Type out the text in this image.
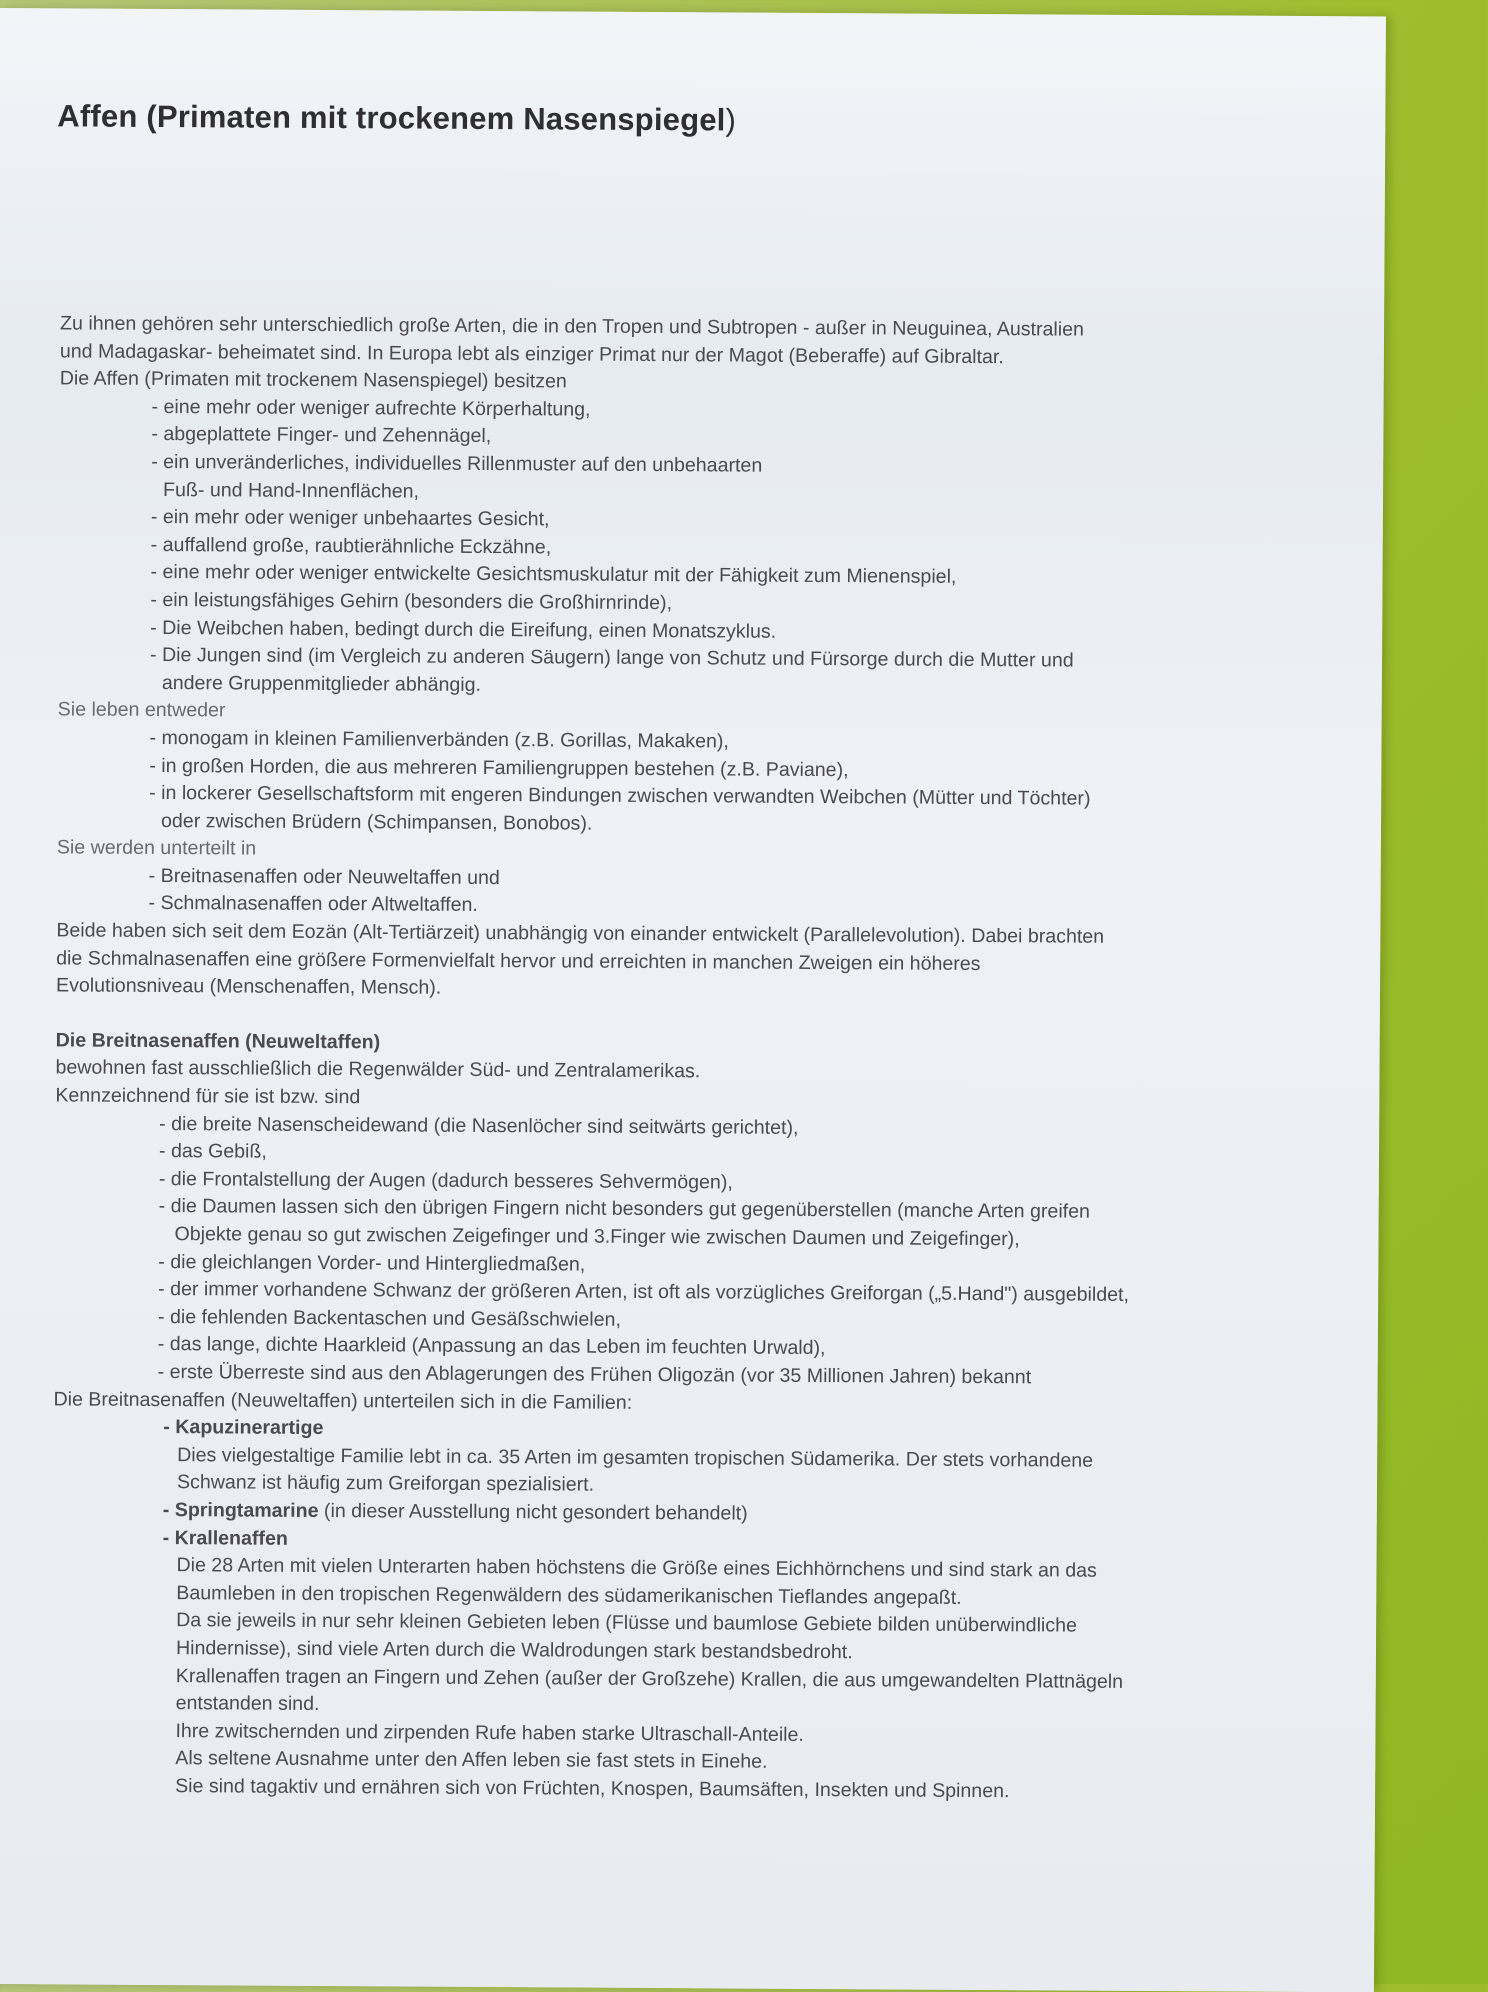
Affen (Primaten mit trockenem Nasenspiegel)
Zu ihnen gehören sehr unterschiedlich große Arten, die in den Tropen und Subtropen - außer in Neuguinea, Australien
und Madagaskar- beheimatet sind. In Europa lebt als einziger Primat nur der Magot (Beberaffe) auf Gibraltar.
Die Affen (Primaten mit trockenem Nasenspiegel) besitzen
- eine mehr oder weniger aufrechte Körperhaltung,
- abgeplattete Finger- und Zehennägel,
- ein unveränderliches, individuelles Rillenmuster auf den unbehaarten
Fuß- und Hand-Innenflächen,
- ein mehr oder weniger unbehaartes Gesicht,
- auffallend große, raubtierähnliche Eckzähne,
- eine mehr oder weniger entwickelte Gesichtsmuskulatur mit der Fähigkeit zum Mienenspiel,
- ein leistungsfähiges Gehirn (besonders die Großhirnrinde),
- Die Weibchen haben, bedingt durch die Eireifung, einen Monatszyklus.
- Die Jungen sind (im Vergleich zu anderen Säugern) lange von Schutz und Fürsorge durch die Mutter und
andere Gruppenmitglieder abhängig.
Sie leben entweder
- monogam in kleinen Familienverbänden (z.B. Gorillas, Makaken),
- in großen Horden, die aus mehreren Familiengruppen bestehen (z.B. Paviane),
- in lockerer Gesellschaftsform mit engeren Bindungen zwischen verwandten Weibchen (Mütter und Töchter)
oder zwischen Brüdern (Schimpansen, Bonobos).
Sie werden unterteilt in
- Breitnasenaffen oder Neuweltaffen und
- Schmalnasenaffen oder Altweltaffen.
Beide haben sich seit dem Eozän (Alt-Tertiärzeit) unabhängig von einander entwickelt (Parallelevolution). Dabei brachten
die Schmalnasenaffen eine größere Formenvielfalt hervor und erreichten in manchen Zweigen ein höheres
Evolutionsniveau (Menschenaffen, Mensch).
Die Breitnasenaffen (Neuweltaffen)
bewohnen fast ausschließlich die Regenwälder Süd- und Zentralamerikas.
Kennzeichnend für sie ist bzw. sind
- die breite Nasenscheidewand (die Nasenlöcher sind seitwärts gerichtet),
- das Gebiß,
- die Frontalstellung der Augen (dadurch besseres Sehvermögen),
- die Daumen lassen sich den übrigen Fingern nicht besonders gut gegenüberstellen (manche Arten greifen
Objekte genau so gut zwischen Zeigefinger und 3.Finger wie zwischen Daumen und Zeigefinger),
- die gleichlangen Vorder- und Hintergliedmaßen,
- der immer vorhandene Schwanz der größeren Arten, ist oft als vorzügliches Greiforgan („5.Hand") ausgebildet,
- die fehlenden Backentaschen und Gesäßschwielen,
- das lange, dichte Haarkleid (Anpassung an das Leben im feuchten Urwald),
- erste Überreste sind aus den Ablagerungen des Frühen Oligozän (vor 35 Millionen Jahren) bekannt
Die Breitnasenaffen (Neuweltaffen) unterteilen sich in die Familien:
- Kapuzinerartige
Dies vielgestaltige Familie lebt in ca. 35 Arten im gesamten tropischen Südamerika. Der stets vorhandene
Schwanz ist häufig zum Greiforgan spezialisiert.
- Springtamarine (in dieser Ausstellung nicht gesondert behandelt)
- Krallenaffen
Die 28 Arten mit vielen Unterarten haben höchstens die Größe eines Eichhörnchens und sind stark an das
Baumleben in den tropischen Regenwäldern des südamerikanischen Tieflandes angepaßt.
Da sie jeweils in nur sehr kleinen Gebieten leben (Flüsse und baumlose Gebiete bilden unüberwindliche
Hindernisse), sind viele Arten durch die Waldrodungen stark bestandsbedroht.
Krallenaffen tragen an Fingern und Zehen (außer der Großzehe) Krallen, die aus umgewandelten Plattnägeln
entstanden sind.
Ihre zwitschernden und zirpenden Rufe haben starke Ultraschall-Anteile.
Als seltene Ausnahme unter den Affen leben sie fast stets in Einehe.
Sie sind tagaktiv und ernähren sich von Früchten, Knospen, Baumsäften, Insekten und Spinnen.
